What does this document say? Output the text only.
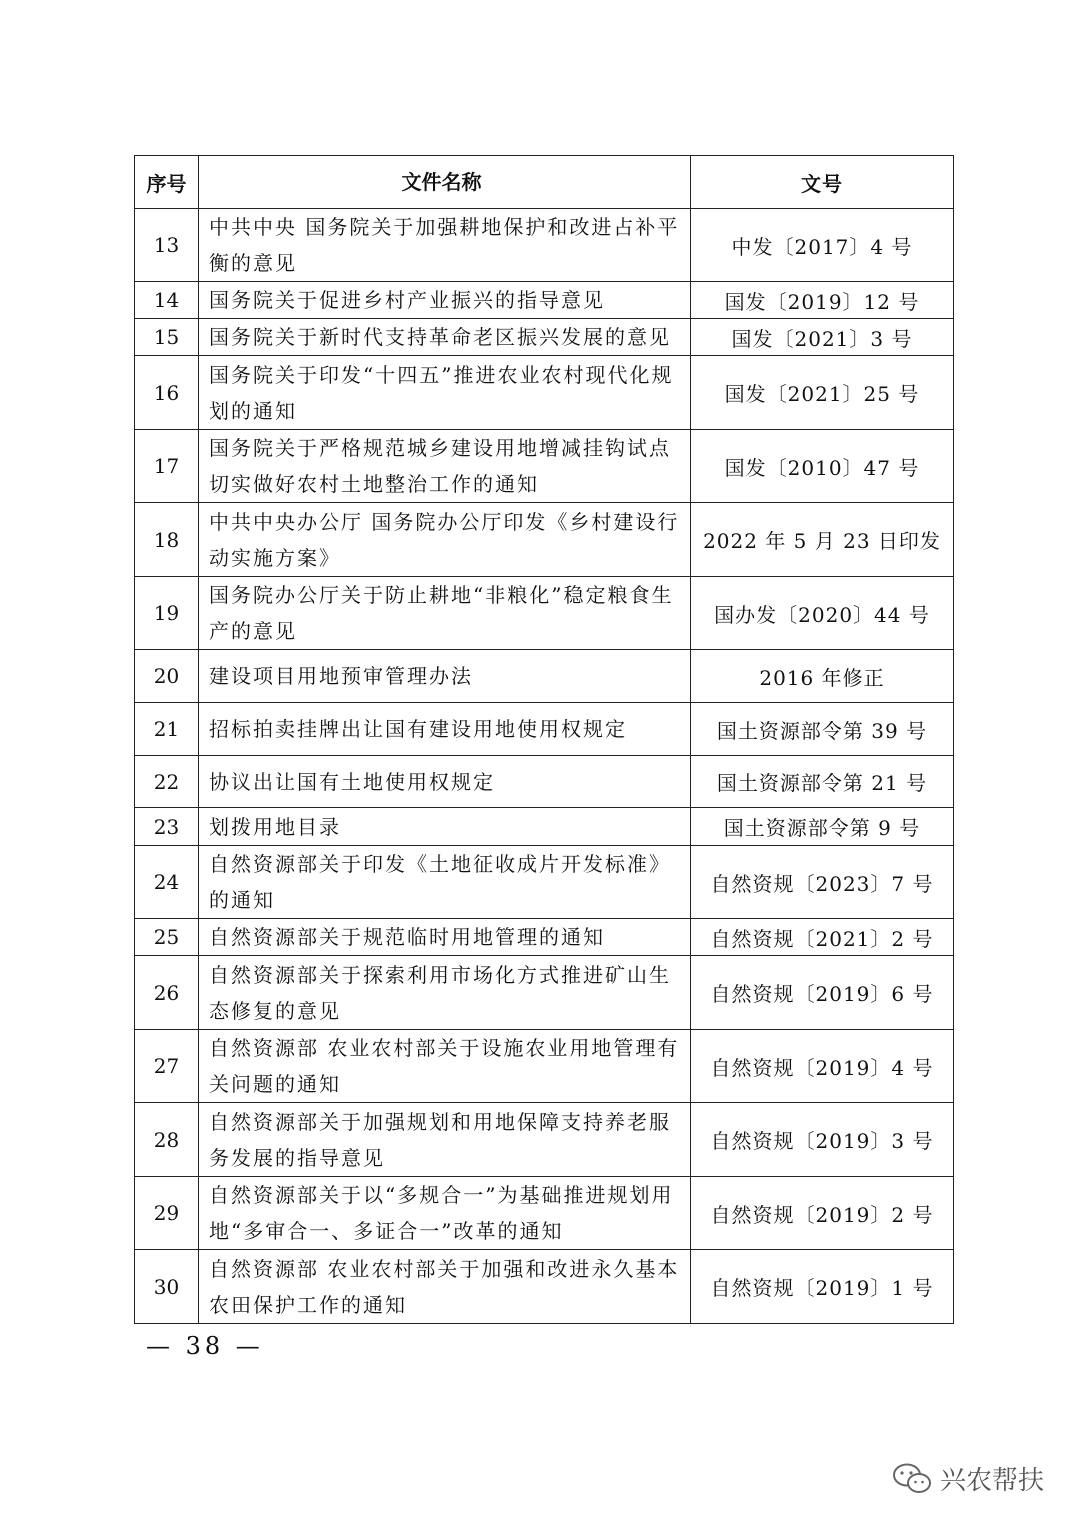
序号	文件名称	文号
13	中共中央 国务院关于加强耕地保护和改进占补平衡的意见	中发〔2017〕4 号
14	国务院关于促进乡村产业振兴的指导意见	国发〔2019〕12 号
15	国务院关于新时代支持革命老区振兴发展的意见	国发〔2021〕3 号
16	国务院关于印发“十四五”推进农业农村现代化规划的通知	国发〔2021〕25 号
17	国务院关于严格规范城乡建设用地增减挂钩试点切实做好农村土地整治工作的通知	国发〔2010〕47 号
18	中共中央办公厅 国务院办公厅印发《乡村建设行动实施方案》	2022 年 5 月 23 日印发
19	国务院办公厅关于防止耕地“非粮化”稳定粮食生产的意见	国办发〔2020〕44 号
20	建设项目用地预审管理办法	2016 年修正
21	招标拍卖挂牌出让国有建设用地使用权规定	国土资源部令第 39 号
22	协议出让国有土地使用权规定	国土资源部令第 21 号
23	划拨用地目录	国土资源部令第 9 号
24	自然资源部关于印发《土地征收成片开发标准》的通知	自然资规〔2023〕7 号
25	自然资源部关于规范临时用地管理的通知	自然资规〔2021〕2 号
26	自然资源部关于探索利用市场化方式推进矿山生态修复的意见	自然资规〔2019〕6 号
27	自然资源部 农业农村部关于设施农业用地管理有关问题的通知	自然资规〔2019〕4 号
28	自然资源部关于加强规划和用地保障支持养老服务发展的指导意见	自然资规〔2019〕3 号
29	自然资源部关于以“多规合一”为基础推进规划用地“多审合一、多证合一”改革的通知	自然资规〔2019〕2 号
30	自然资源部 农业农村部关于加强和改进永久基本农田保护工作的通知	自然资规〔2019〕1 号
— 38 —
兴农帮扶
